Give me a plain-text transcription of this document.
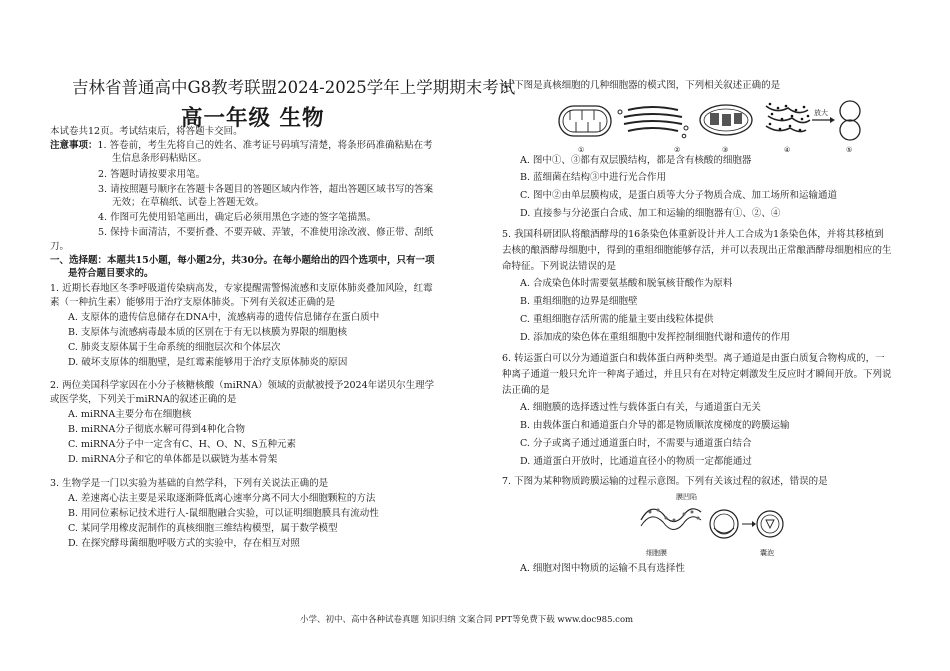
吉林省普通高中G8教考联盟2024-2025学年上学期期末考试
高一年级 生物
本试卷共12页。考试结束后，将答题卡交回。
注意事项：1. 答卷前，考生先将自己的姓名、准考证号码填写清楚，将条形码准确粘贴在考
生信息条形码粘贴区。
2. 答题时请按要求用笔。
3. 请按照题号顺序在答题卡各题目的答题区域内作答，超出答题区域书写的答案
无效；在草稿纸、试卷上答题无效。
4. 作图可先使用铅笔画出，确定后必须用黑色字迹的签字笔描黑。
5. 保持卡面清洁，不要折叠、不要弄破、弄皱，不准使用涂改液、修正带、刮纸
刀。
一、选择题：本题共15小题，每小题2分，共30分。在每小题给出的四个选项中，只有一项
是符合题目要求的。
1. 近期长春地区冬季呼吸道传染病高发，专家提醒需警惕流感和支原体肺炎叠加风险，红霉
素（一种抗生素）能够用于治疗支原体肺炎。下列有关叙述正确的是
A. 支原体的遗传信息储存在DNA中，流感病毒的遗传信息储存在蛋白质中
B. 支原体与流感病毒最本质的区别在于有无以核膜为界限的细胞核
C. 肺炎支原体属于生命系统的细胞层次和个体层次
D. 破坏支原体的细胞壁，是红霉素能够用于治疗支原体肺炎的原因
2. 两位美国科学家因在小分子核糖核酸（miRNA）领域的贡献被授予2024年诺贝尔生理学
或医学奖，下列关于miRNA的叙述正确的是
A. miRNA主要分布在细胞核
B. miRNA分子彻底水解可得到4种化合物
C. miRNA分子中一定含有C、H、O、N、S五种元素
D. miRNA分子和它的单体都是以碳链为基本骨架
3. 生物学是一门以实验为基础的自然学科，下列有关说法正确的是
A. 差速离心法主要是采取逐渐降低离心速率分离不同大小细胞颗粒的方法
B. 用同位素标记技术进行人-鼠细胞融合实验，可以证明细胞膜具有流动性
C. 某同学用橡皮泥制作的真核细胞三维结构模型，属于数学模型
D. 在探究酵母菌细胞呼吸方式的实验中，存在相互对照
4. 下图是真核细胞的几种细胞器的模式图，下列相关叙述正确的是
A. 图中①、③都有双层膜结构，都是含有核酸的细胞器
B. 蓝细菌在结构③中进行光合作用
C. 图中②由单层膜构成，是蛋白质等大分子物质合成、加工场所和运输通道
D. 直接参与分泌蛋白合成、加工和运输的细胞器有①、②、④
5. 我国科研团队将酿酒酵母的16条染色体重新设计并人工合成为1条染色体，并将其移植到
去核的酿酒酵母细胞中，得到的重组细胞能够存活，并可以表现出正常酿酒酵母细胞相应的生
命特征。下列说法错误的是
A. 合成染色体时需要氨基酸和脱氧核苷酸作为原料
B. 重组细胞的边界是细胞壁
C. 重组细胞存活所需的能量主要由线粒体提供
D. 添加成的染色体在重组细胞中发挥控制细胞代谢和遗传的作用
6. 转运蛋白可以分为通道蛋白和载体蛋白两种类型。离子通道是由蛋白质复合物构成的，一
种离子通道一般只允许一种离子通过，并且只有在对特定刺激发生反应时才瞬间开放。下列说
法正确的是
A. 细胞膜的选择透过性与载体蛋白有关，与通道蛋白无关
B. 由载体蛋白和通道蛋白介导的都是物质顺浓度梯度的跨膜运输
C. 分子或离子通过通道蛋白时，不需要与通道蛋白结合
D. 通道蛋白开放时，比通道直径小的物质一定都能通过
7. 下图为某种物质跨膜运输的过程示意图。下列有关该过程的叙述，错误的是
A. 细胞对图中物质的运输不具有选择性
①	②	③	④	⑤
放大
膜凹陷
细胞膜	囊泡
小学、初中、高中各种试卷真题 知识归纳 文案合同 PPT等免费下载 www.doc985.com
